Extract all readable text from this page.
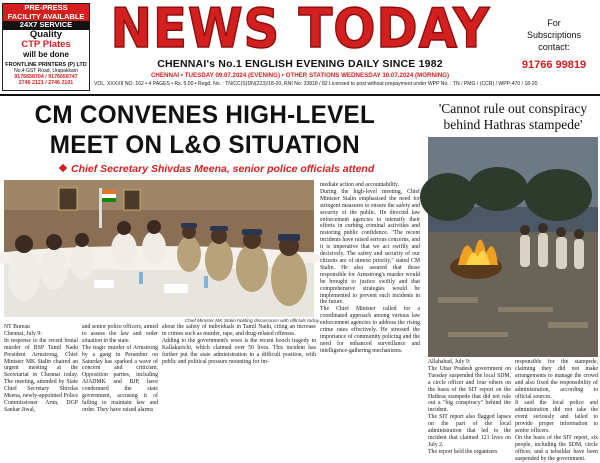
PRE-PRESS
FACILITY AVAILABLE
24X7 SERVICE
Quality
CTP Plates
will be done
FRONTLINE PRINTERS (P) LTD
No.4 GST Road, Urapakkam
9176658704 / 9176658747
2746 2121 / 2746 2101
NEWS TODAY
CHENNAI's No.1 ENGLISH EVENING DAILY SINCE 1982
CHENNAI • TUESDAY 09.07.2024 (EVENING) • OTHER STATIONS WEDNESDAY 10.07.2024 (MORNING)
VOL. XXXXII NO. 162 • 4 PAGES • Rs. 5.00 • Regd. No. : TN/CC(S)DN(223)/18-20, RNI No: 33818 / 82 Licensed to post without prepayment under WPP No. : TN / PMG / (CCR) / WPP-470 / 18-20
For
Subscriptions
contact:
91766 99819
CM CONVENES HIGH-LEVEL
MEET ON L&O SITUATION
Chief Secretary Shivdas Meena, senior police officials attend
Chief Minister MK Stalin holding discussions with officials today.
NT Bureau
Chennai, July 9:
In response to the recent brutal murder of BSP Tamil Nadu President Armstrong, Chief Minister MK Stalin chaired an urgent meeting at the Secretariat in Chennai today. The meeting, attended by State Chief Secretary Shivdas Meena, newly-appointed Police Commissioner Arun, DGP Sankar Jiwal,
and senior police officers, aimed to assess the law and order situation in the state.
The tragic murder of Armstrong by a gang in Perambur on Saturday has sparked a wave of concern and criticism. Opposition parties, including AIADMK and BJP, have condemned the state government, accusing it of failing to maintain law and order. They have raised alarms
about the safety of individuals in Tamil Nadu, citing an increase in crimes such as murder, rape, and drug-related offenses.
Adding to the government's woes is the recent hooch tragedy in Kallakurichi, which claimed over 50 lives. This incident has further put the state administration in a difficult position, with public and political pressure mounting for im-
mediate action and accountability.
During the high-level meeting, Chief Minister Stalin emphasised the need for stringent measures to ensure the safety and security of the public. He directed law enforcement agencies to intensify their efforts in curbing criminal activities and restoring public confidence. "The recent incidents have raised serious concerns, and it is imperative that we act swiftly and decisively. The safety and security of our citizens are of utmost priority," stated CM Stalin. He also assured that those responsible for Armstrong's murder would be brought to justice swiftly and that comprehensive strategies would be implemented to prevent such incidents in the future.
The Chief Minister called for a coordinated approach among various law enforcement agencies to address the rising crime rates effectively. He stressed the importance of community policing and the need for enhanced surveillance and intelligence-gathering mechanisms.
'Cannot rule out conspiracy behind Hathras stampede'
Allahabad, July 9:
The Uttar Pradesh government on Tuesday suspended the local SDM, a circle officer and four others on the basis of the SIT report on the Hathras stampede that did not rule out a "big conspiracy" behind the incident.
The SIT report also flagged lapses on the part of the local administration that led to the incident that claimed 121 lives on July 2.
The report held the organisers
responsible for the stampede, claiming they did not make arrangements to manage the crowd and also fixed the responsibility of administration, according to official sources.
It said the local police and administration did not take the event seriously and failed to provide proper information to senior officers.
On the basis of the SIT report, six people, including the SDM, circle officer, and a tehsildar have been suspended by the government.
